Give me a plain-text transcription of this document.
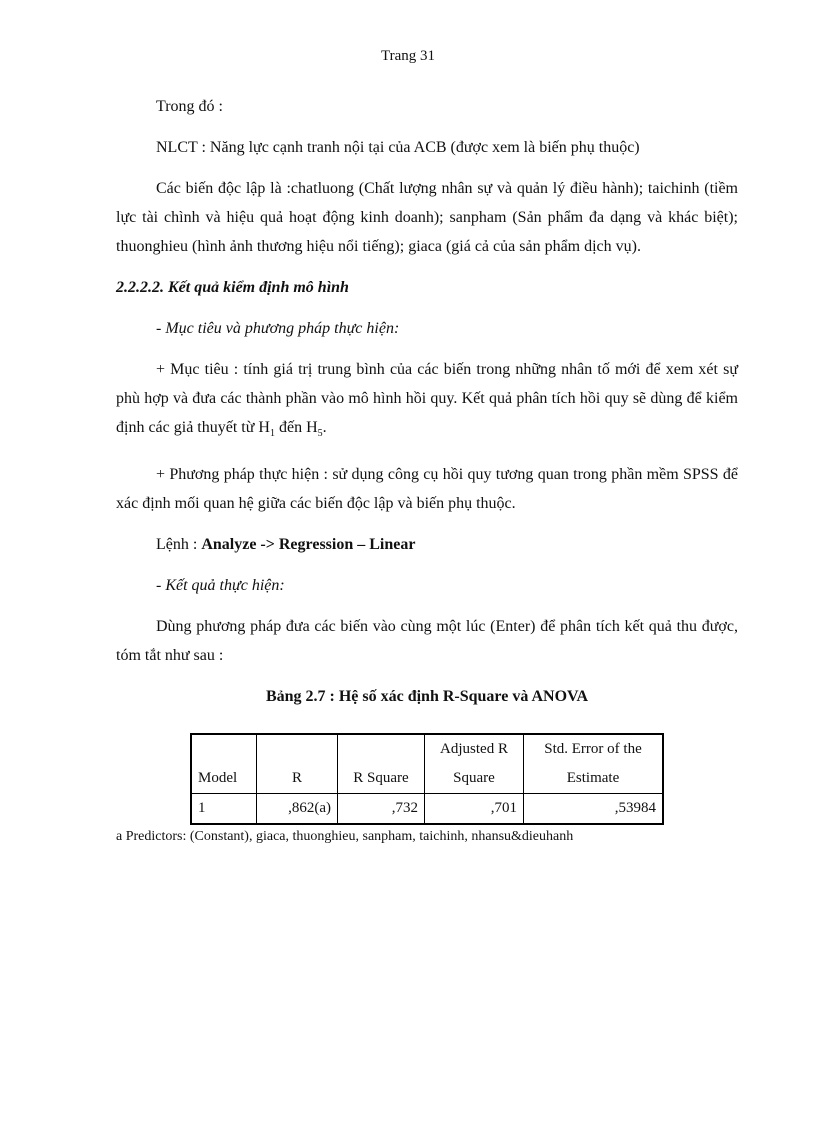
Trang 31

Trong đó :

NLCT : Năng lực cạnh tranh nội tại của ACB (được xem là biến phụ thuộc)

Các biến độc lập là :chatluong (Chất lượng nhân sự và quản lý điều hành); taichinh (tiềm lực tài chình và hiệu quả hoạt động kinh doanh); sanpham (Sản phẩm đa dạng và khác biệt); thuonghieu (hình ảnh thương hiệu nổi tiếng); giaca (giá cả của sản phẩm dịch vụ).

2.2.2.2. Kết quả kiểm định mô hình

- Mục tiêu và phương pháp thực hiện:

+ Mục tiêu : tính giá trị trung bình của các biến trong những nhân tố mới để xem xét sự phù hợp và đưa các thành phần vào mô hình hồi quy. Kết quả phân tích hồi quy sẽ dùng để kiểm định các giả thuyết từ $H_1$ đến $H_5$.

+ Phương pháp thực hiện : sử dụng công cụ hồi quy tương quan trong phần mềm SPSS để xác định mối quan hệ giữa các biến độc lập và biến phụ thuộc.

Lệnh : Analyze -> Regression – Linear

- Kết quả thực hiện:

Dùng phương pháp đưa các biến vào cùng một lúc (Enter) để phân tích kết quả thu được, tóm tắt như sau :

Bảng 2.7 : Hệ số xác định R-Square và ANOVA

			Adjusted R	Std. Error of the
Model	R	R Square	Square	Estimate
1	,862(a)	,732	,701	,53984
a Predictors: (Constant), giaca, thuonghieu, sanpham, taichinh, nhansu&dieuhanh
